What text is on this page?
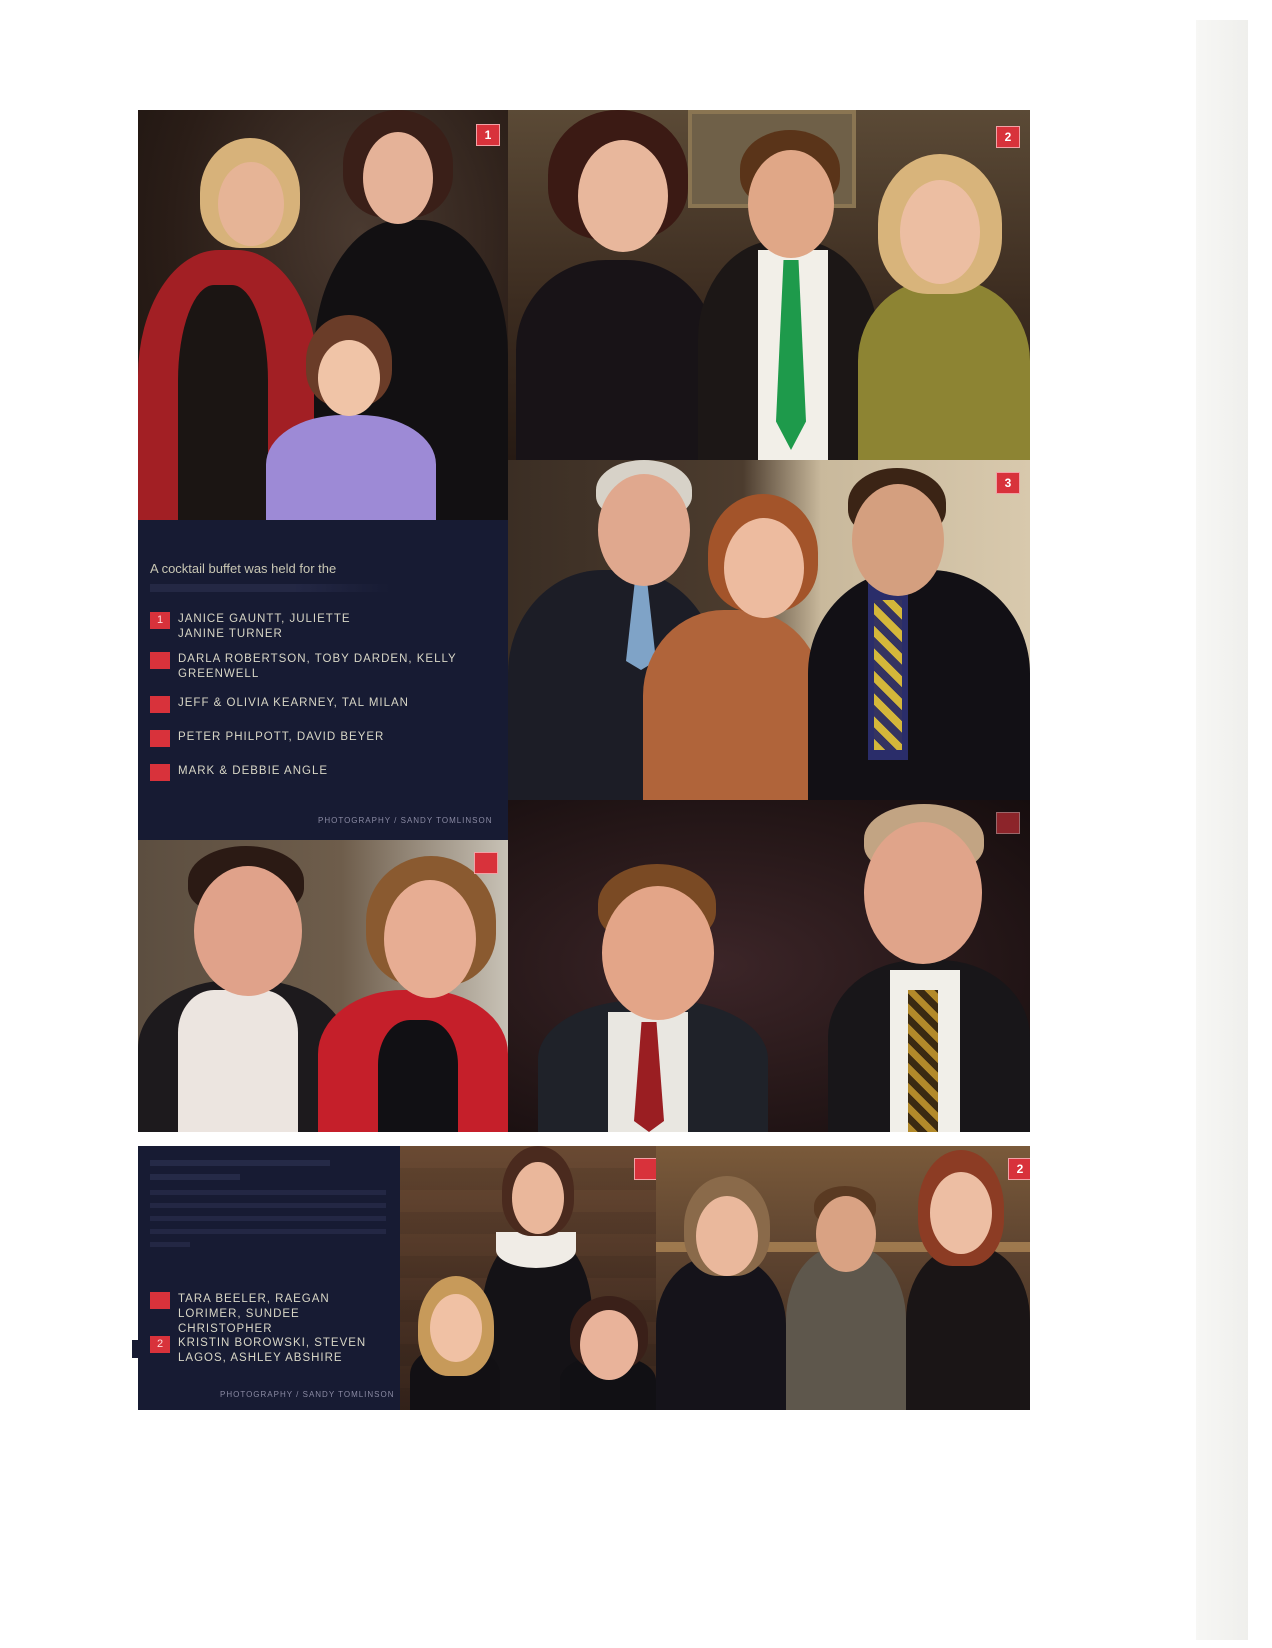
1	2
A cocktail buffet was held for the
1	JANICE GAUNTT, JULIETTE
JANINE TURNER
DARLA ROBERTSON, TOBY DARDEN, KELLY GREENWELL
JEFF & OLIVIA KEARNEY, TAL MILAN
PETER PHILPOTT, DAVID BEYER
MARK & DEBBIE ANGLE
PHOTOGRAPHY / SANDY TOMLINSON
3
TARA BEELER, RAEGAN LORIMER, SUNDEE CHRISTOPHER
2	KRISTIN BOROWSKI, STEVEN LAGOS, ASHLEY ABSHIRE
PHOTOGRAPHY / SANDY TOMLINSON
2
